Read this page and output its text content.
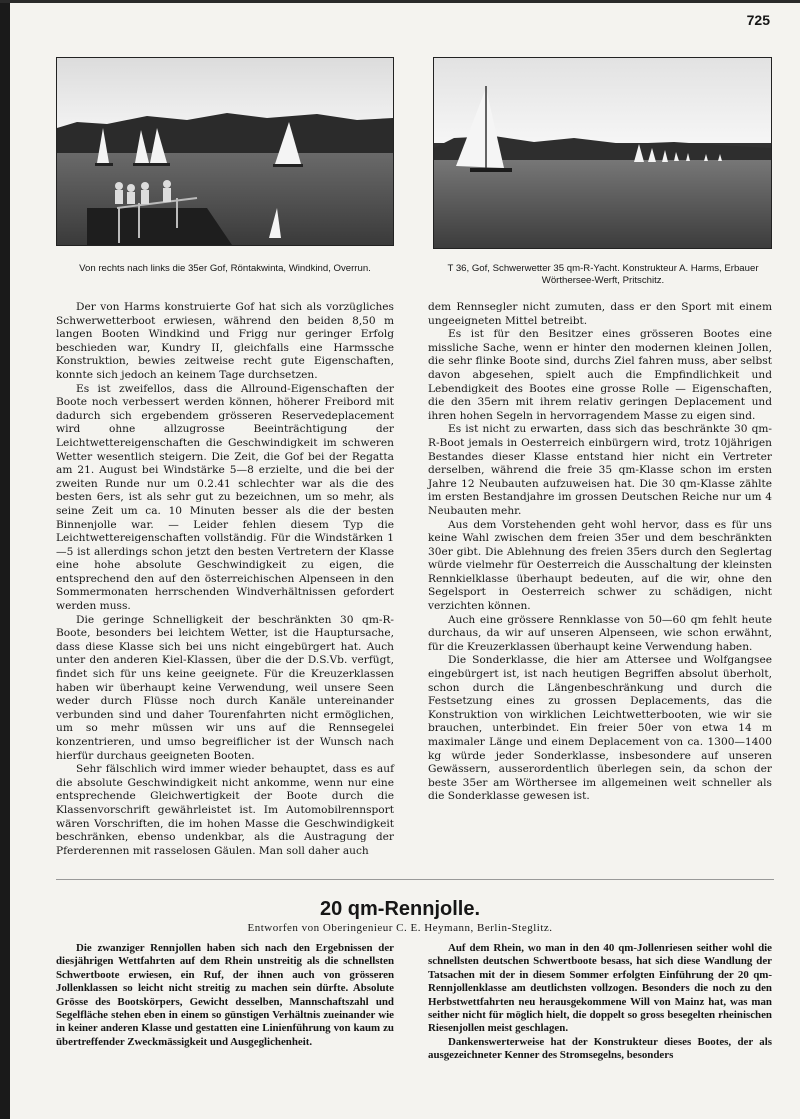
725
Von rechts nach links die 35er Gof, Röntakwinta, Windkind, Overrun.	T 36, Gof, Schwerwetter 35 qm-R-Yacht. Konstrukteur A. Harms, Erbauer Wörthersee-Werft, Pritschitz.

Der von Harms konstruierte Gof hat sich als vorzügliches Schwerwetterboot erwiesen, während den beiden 8,50 m langen Booten Windkind und Frigg nur geringer Erfolg beschieden war, Kundry II, gleichfalls eine Harmssche Konstruktion, bewies zeitweise recht gute Eigenschaften, konnte sich jedoch an keinem Tage durchsetzen.

Es ist zweifellos, dass die Allround-Eigenschaften der Boote noch verbessert werden können, höherer Freibord mit dadurch sich ergebendem grösseren Reservedeplacement wird ohne allzugrosse Beeinträchtigung der Leichtwettereigenschaften die Geschwindigkeit im schweren Wetter wesentlich steigern. Die Zeit, die Gof bei der Regatta am 21. August bei Windstärke 5—8 erzielte, und die bei der zweiten Runde nur um 0.2.41 schlechter war als die des besten 6ers, ist als sehr gut zu bezeichnen, um so mehr, als seine Zeit um ca. 10 Minuten besser als die der besten Binnenjolle war. — Leider fehlen diesem Typ die Leichtwettereigenschaften vollständig. Für die Windstärken 1—5 ist allerdings schon jetzt den besten Vertretern der Klasse eine hohe absolute Geschwindigkeit zu eigen, die entsprechend den auf den österreichischen Alpenseen in den Sommermonaten herrschenden Windverhältnissen gefordert werden muss.

Die geringe Schnelligkeit der beschränkten 30 qm-R-Boote, besonders bei leichtem Wetter, ist die Hauptursache, dass diese Klasse sich bei uns nicht eingebürgert hat. Auch unter den anderen Kiel-Klassen, über die der D.S.Vb. verfügt, findet sich für uns keine geeignete. Für die Kreuzerklassen haben wir überhaupt keine Verwendung, weil unsere Seen weder durch Flüsse noch durch Kanäle untereinander verbunden sind und daher Tourenfahrten nicht ermöglichen, um so mehr müssen wir uns auf die Rennsegelei konzentrieren, und umso begreiflicher ist der Wunsch nach hierfür durchaus geeigneten Booten.

Sehr fälschlich wird immer wieder behauptet, dass es auf die absolute Geschwindigkeit nicht ankomme, wenn nur eine entsprechende Gleichwertigkeit der Boote durch die Klassenvorschrift gewährleistet ist. Im Automobilrennsport wären Vorschriften, die im hohen Masse die Geschwindigkeit beschränken, ebenso undenkbar, als die Austragung der Pferderennen mit rasselosen Gäulen. Man soll daher auch

dem Rennsegler nicht zumuten, dass er den Sport mit einem ungeeigneten Mittel betreibt.

Es ist für den Besitzer eines grösseren Bootes eine missliche Sache, wenn er hinter den modernen kleinen Jollen, die sehr flinke Boote sind, durchs Ziel fahren muss, aber selbst davon abgesehen, spielt auch die Empfindlichkeit und Lebendigkeit des Bootes eine grosse Rolle — Eigenschaften, die den 35ern mit ihrem relativ geringen Deplacement und ihren hohen Segeln in hervorragendem Masse zu eigen sind.

Es ist nicht zu erwarten, dass sich das beschränkte 30 qm-R-Boot jemals in Oesterreich einbürgern wird, trotz 10jährigen Bestandes dieser Klasse entstand hier nicht ein Vertreter derselben, während die freie 35 qm-Klasse schon im ersten Jahre 12 Neubauten aufzuweisen hat. Die 30 qm-Klasse zählte im ersten Bestandjahre im grossen Deutschen Reiche nur um 4 Neubauten mehr.

Aus dem Vorstehenden geht wohl hervor, dass es für uns keine Wahl zwischen dem freien 35er und dem beschränkten 30er gibt. Die Ablehnung des freien 35ers durch den Seglertag würde vielmehr für Oesterreich die Ausschaltung der kleinsten Rennkielklasse überhaupt bedeuten, auf die wir, ohne den Segelsport in Oesterreich schwer zu schädigen, nicht verzichten können.

Auch eine grössere Rennklasse von 50—60 qm fehlt heute durchaus, da wir auf unseren Alpenseen, wie schon erwähnt, für die Kreuzerklassen überhaupt keine Verwendung haben.

Die Sonderklasse, die hier am Attersee und Wolfgangsee eingebürgert ist, ist nach heutigen Begriffen absolut überholt, schon durch die Längenbeschränkung und durch die Festsetzung eines zu grossen Deplacements, das die Konstruktion von wirklichen Leichtwetterbooten, wie wir sie brauchen, unterbindet. Ein freier 50er von etwa 14 m maximaler Länge und einem Deplacement von ca. 1300—1400 kg würde jeder Sonderklasse, insbesondere auf unseren Gewässern, ausserordentlich überlegen sein, da schon der beste 35er am Wörthersee im allgemeinen weit schneller als die Sonderklasse gewesen ist.

20 qm-Rennjolle.
Entworfen von Oberingenieur C. E. Heymann, Berlin-Steglitz.

Die zwanziger Rennjollen haben sich nach den Ergebnissen der diesjährigen Wettfahrten auf dem Rhein unstreitig als die schnellsten Schwertboote erwiesen, ein Ruf, der ihnen auch von grösseren Jollenklassen so leicht nicht streitig zu machen sein dürfte. Absolute Grösse des Bootskörpers, Gewicht desselben, Mannschaftszahl und Segelfläche stehen eben in einem so günstigen Verhältnis zueinander wie in keiner anderen Klasse und gestatten eine Linienführung von kaum zu übertreffender Zweckmässigkeit und Ausgeglichenheit.

Auf dem Rhein, wo man in den 40 qm-Jollenriesen seither wohl die schnellsten deutschen Schwertboote besass, hat sich diese Wandlung der Tatsachen mit der in diesem Sommer erfolgten Einführung der 20 qm-Rennjollenklasse am deutlichsten vollzogen. Besonders die noch zu den Herbstwettfahrten neu herausgekommene Will von Mainz hat, was man seither nicht für möglich hielt, die doppelt so gross besegelten rheinischen Riesenjollen meist geschlagen.

Dankenswerterweise hat der Konstrukteur dieses Bootes, der als ausgezeichneter Kenner des Stromsegelns, besonders
